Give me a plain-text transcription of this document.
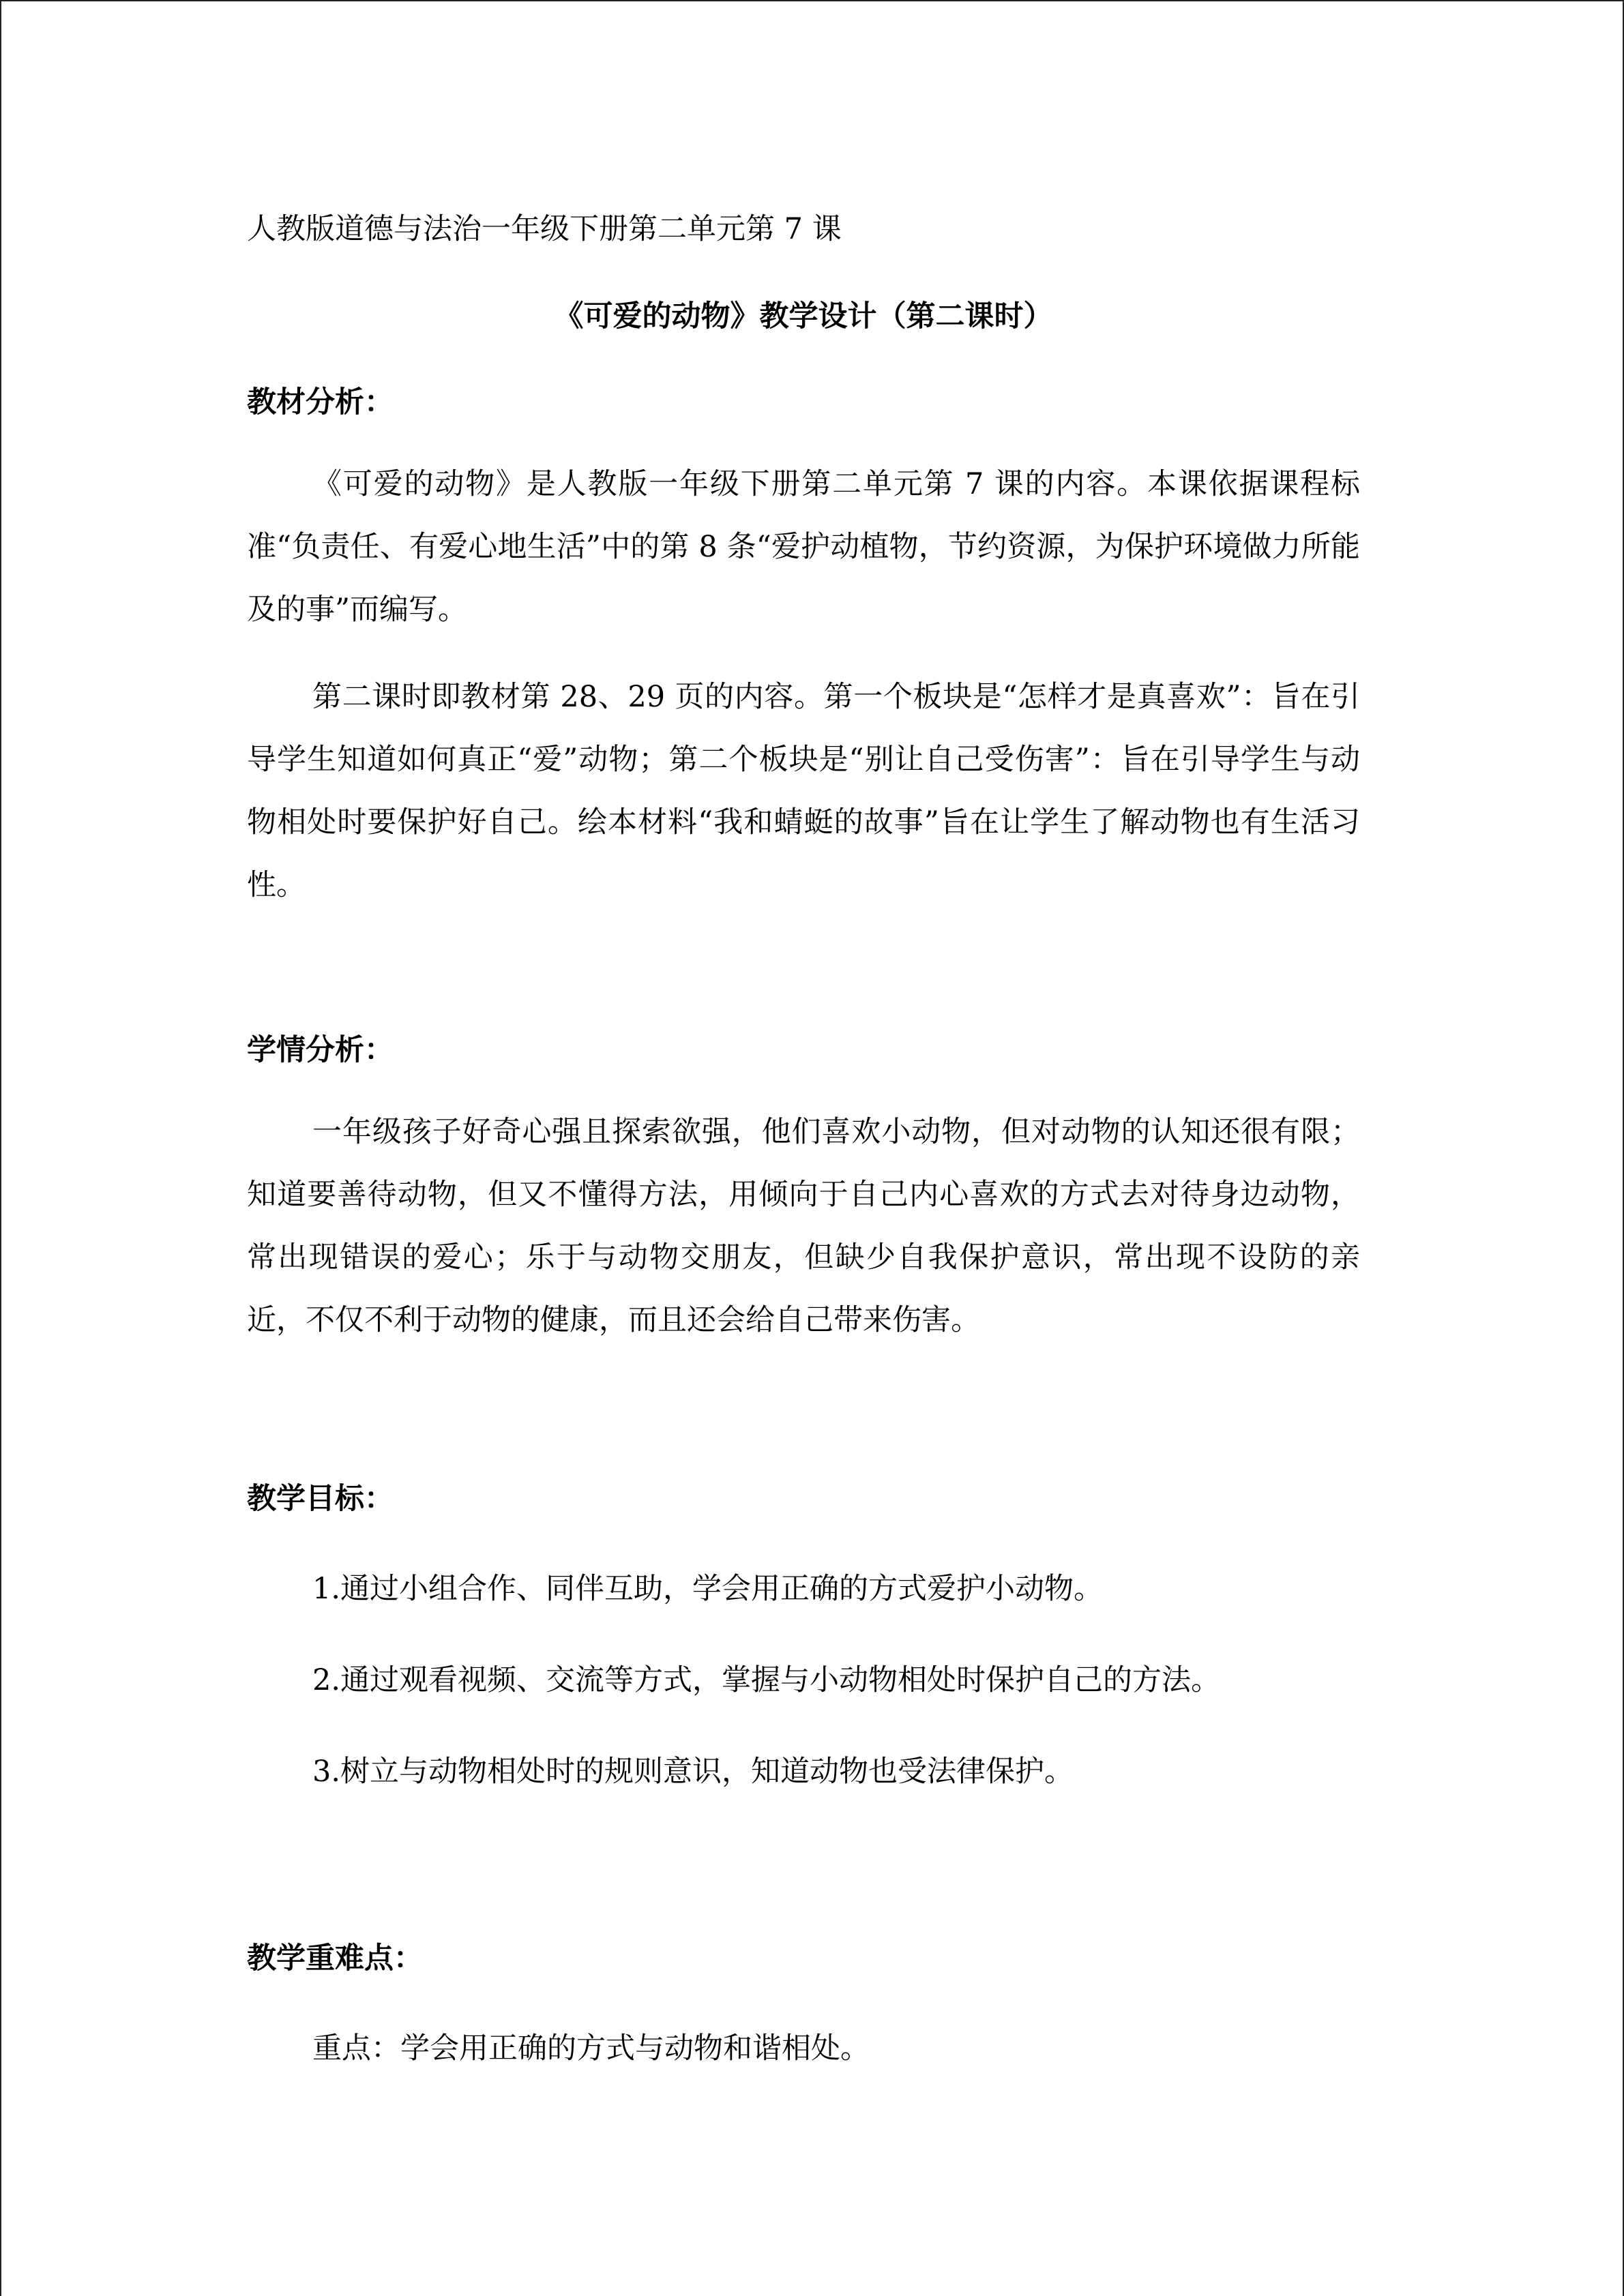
人教版道德与法治一年级下册第二单元第 7 课

《可爱的动物》教学设计（第二课时）

教材分析：

《可爱的动物》是人教版一年级下册第二单元第 7 课的内容。本课依据课程标准“负责任、有爱心地生活”中的第 8 条“爱护动植物，节约资源，为保护环境做力所能及的事”而编写。

第二课时即教材第 28、29 页的内容。第一个板块是“怎样才是真喜欢”：旨在引导学生知道如何真正“爱”动物；第二个板块是“别让自己受伤害”：旨在引导学生与动物相处时要保护好自己。绘本材料“我和蜻蜓的故事”旨在让学生了解动物也有生活习性。

学情分析：

一年级孩子好奇心强且探索欲强，他们喜欢小动物，但对动物的认知还很有限；知道要善待动物，但又不懂得方法，用倾向于自己内心喜欢的方式去对待身边动物，常出现错误的爱心；乐于与动物交朋友，但缺少自我保护意识，常出现不设防的亲近，不仅不利于动物的健康，而且还会给自己带来伤害。

教学目标：

1.通过小组合作、同伴互助，学会用正确的方式爱护小动物。

2.通过观看视频、交流等方式，掌握与小动物相处时保护自己的方法。

3.树立与动物相处时的规则意识，知道动物也受法律保护。

教学重难点：

重点：学会用正确的方式与动物和谐相处。
